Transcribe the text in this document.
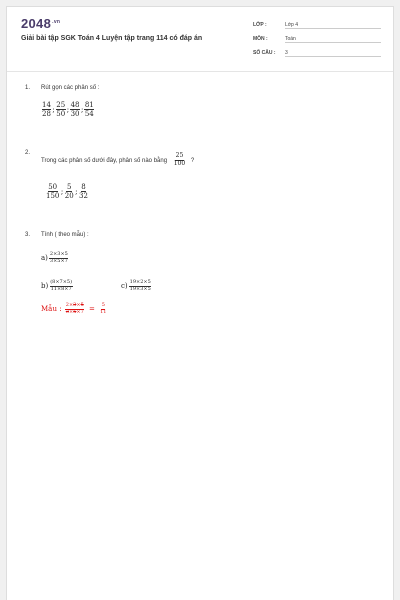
$2048^{.vn}$
Giải bài tập SGK Toán 4 Luyện tập trang 114 có đáp án
LỚP :	Lớp 4
MÔN :	Toán
SỐ CÂU : 3
1. Rút gọn các phân số :
$\frac{14}{28}$ ; $\frac{25}{50}$ ; $\frac{48}{30}$ ; $\frac{81}{54}$
2.
Trong các phân số dưới đây, phân số nào bằng $\frac{25}{100}$ ?
$\frac{50}{150}$ ; $\frac{5}{20}$ ; $\frac{8}{32}$
3. Tính ( theo mẫu) :
$a) \frac{2\times 3\times 5}{3\times 5\times 7}$
$b) \frac{(8\times 7\times 5)}{11\times 8\times 7}$	$c) \frac{19\times 2\times 5}{19\times 3\times 5}$
Mẫu : $\frac{2\times 3\times 5}{3\times 5\times 7} = \frac{5}{11}$
